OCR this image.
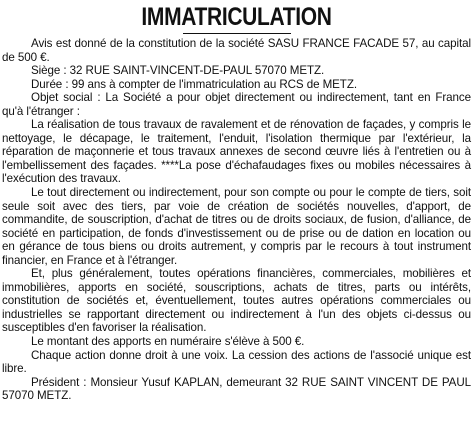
IMMATRICULATION

Avis est donné de la constitution de la société SASU FRANCE FACADE 57, au capital de 500 €.

Siège : 32 RUE SAINT-VINCENT-DE-PAUL 57070 METZ.

Durée : 99 ans à compter de l'immatriculation au RCS de METZ.

Objet social : La Société a pour objet directement ou indirectement, tant en France qu'à l'étranger :

La réalisation de tous travaux de ravalement et de rénovation de façades, y compris le nettoyage, le décapage, le traitement, l'enduit, l'isolation thermique par l'extérieur, la réparation de maçonnerie et tous travaux annexes de second œuvre liés à l'entretien ou à l'embellissement des façades. ****La pose d'échafaudages fixes ou mobiles nécessaires à l'exécution des travaux.

Le tout directement ou indirectement, pour son compte ou pour le compte de tiers, soit seule soit avec des tiers, par voie de création de sociétés nouvelles, d'apport, de commandite, de souscription, d'achat de titres ou de droits sociaux, de fusion, d'alliance, de société en participation, de fonds d'investissement ou de prise ou de dation en location ou en gérance de tous biens ou droits autrement, y compris par le recours à tout instrument financier, en France et à l'étranger.

Et, plus généralement, toutes opérations financières, commerciales, mobilières et immobilières, apports en société, souscriptions, achats de titres, parts ou intérêts, constitution de sociétés et, éventuellement, toutes autres opérations commerciales ou industrielles se rapportant directement ou indirectement à l'un des objets ci-dessus ou susceptibles d'en favoriser la réalisation.

Le montant des apports en numéraire s'élève à 500 €.

Chaque action donne droit à une voix. La cession des actions de l'associé unique est libre.

Président : Monsieur Yusuf KAPLAN, demeurant 32 RUE SAINT VINCENT DE PAUL 57070 METZ.
